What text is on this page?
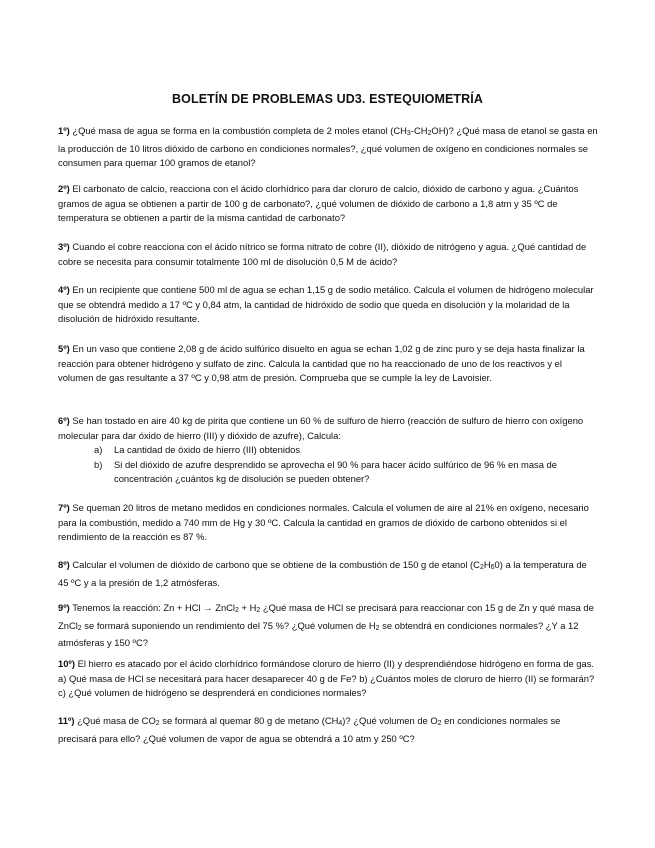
BOLETÍN DE PROBLEMAS UD3. ESTEQUIOMETRÍA
1º) ¿Qué masa de agua se forma en la combustión completa de 2 moles etanol $(CH_3-CH_2OH)$? ¿Qué masa de etanol se gasta en la producción de 10 litros dióxido de carbono en condiciones normales?, ¿qué volumen de oxígeno en condiciones normales se consumen para quemar 100 gramos de etanol?
2º) El carbonato de calcio, reacciona con el ácido clorhídrico para dar cloruro de calcio, dióxido de carbono y agua. ¿Cuántos gramos de agua se obtienen a partir de 100 g de carbonato?, ¿qué volumen de dióxido de carbono a 1,8 atm y 35 ºC de temperatura se obtienen a partir de la misma cantidad de carbonato?
3º) Cuando el cobre reacciona con el ácido nítrico se forma nitrato de cobre (II), dióxido de nitrógeno y agua. ¿Qué cantidad de cobre se necesita para consumir totalmente 100 ml de disolución 0,5 M de ácido?
4º) En un recipiente que contiene 500 ml de agua se echan 1,15 g de sodio metálico. Calcula el volumen de hidrógeno molecular que se obtendrá medido a 17 ºC y 0,84 atm, la cantidad de hidróxido de sodio que queda en disolución y la molaridad de la disolución de hidróxido resultante.
5º) En un vaso que contiene 2,08 g de ácido sulfúrico disuelto en agua se echan 1,02 g de zinc puro y se deja hasta finalizar la reacción para obtener hidrógeno y sulfato de zinc. Calcula la cantidad que no ha reaccionado de uno de los reactivos y el volumen de gas resultante a 37 ºC y 0,98 atm de presión. Comprueba que se cumple la ley de Lavoisier.
6º) Se han tostado en aire 40 kg de pirita que contiene un 60 % de sulfuro de hierro (reacción de sulfuro de hierro con oxígeno molecular para dar óxido de hierro (III) y dióxido de azufre), Calcula:
a) La cantidad de óxido de hierro (III) obtenidos
b) Si del dióxido de azufre desprendido se aprovecha el 90 % para hacer ácido sulfúrico de 96 % en masa de concentración ¿cuántos kg de disolución se pueden obtener?
7º) Se queman 20 litros de metano medidos en condiciones normales. Calcula el volumen de aire al 21% en oxígeno, necesario para la combustión, medido a 740 mm de Hg y 30 ºC. Calcula la cantidad en gramos de dióxido de carbono obtenidos si el rendimiento de la reacción es 87 %.
8º) Calcular el volumen de dióxido de carbono que se obtiene de la combustión de 150 g de etanol $(C_2H_60)$ a la temperatura de 45 ºC y a la presión de 1,2 atmósferas.
9º) Tenemos la reacción: Zn + HCl → ZnCl$_2$ + $H_2$ ¿Qué masa de HCl se precisará para reaccionar con 15 g de Zn y qué masa de ZnCl$_2$ se formará suponiendo un rendimiento del 75 %? ¿Qué volumen de $H_2$ se obtendrá en condiciones normales? ¿Y a 12 atmósferas y 150 ºC?
10º) El hierro es atacado por el ácido clorhídrico formándose cloruro de hierro (II) y desprendiéndose hidrógeno en forma de gas. a) Qué masa de HCl se necesitará para hacer desaparecer 40 g de Fe? b) ¿Cuántos moles de cloruro de hierro (II) se formarán? c) ¿Qué volumen de hidrógeno se desprenderá en condiciones normales?
11º) ¿Qué masa de $CO_2$ se formará al quemar 80 g de metano $(CH_4)$? ¿Qué volumen de $O_2$ en condiciones normales se precisará para ello? ¿Qué volumen de vapor de agua se obtendrá a 10 atm y 250 ºC?
